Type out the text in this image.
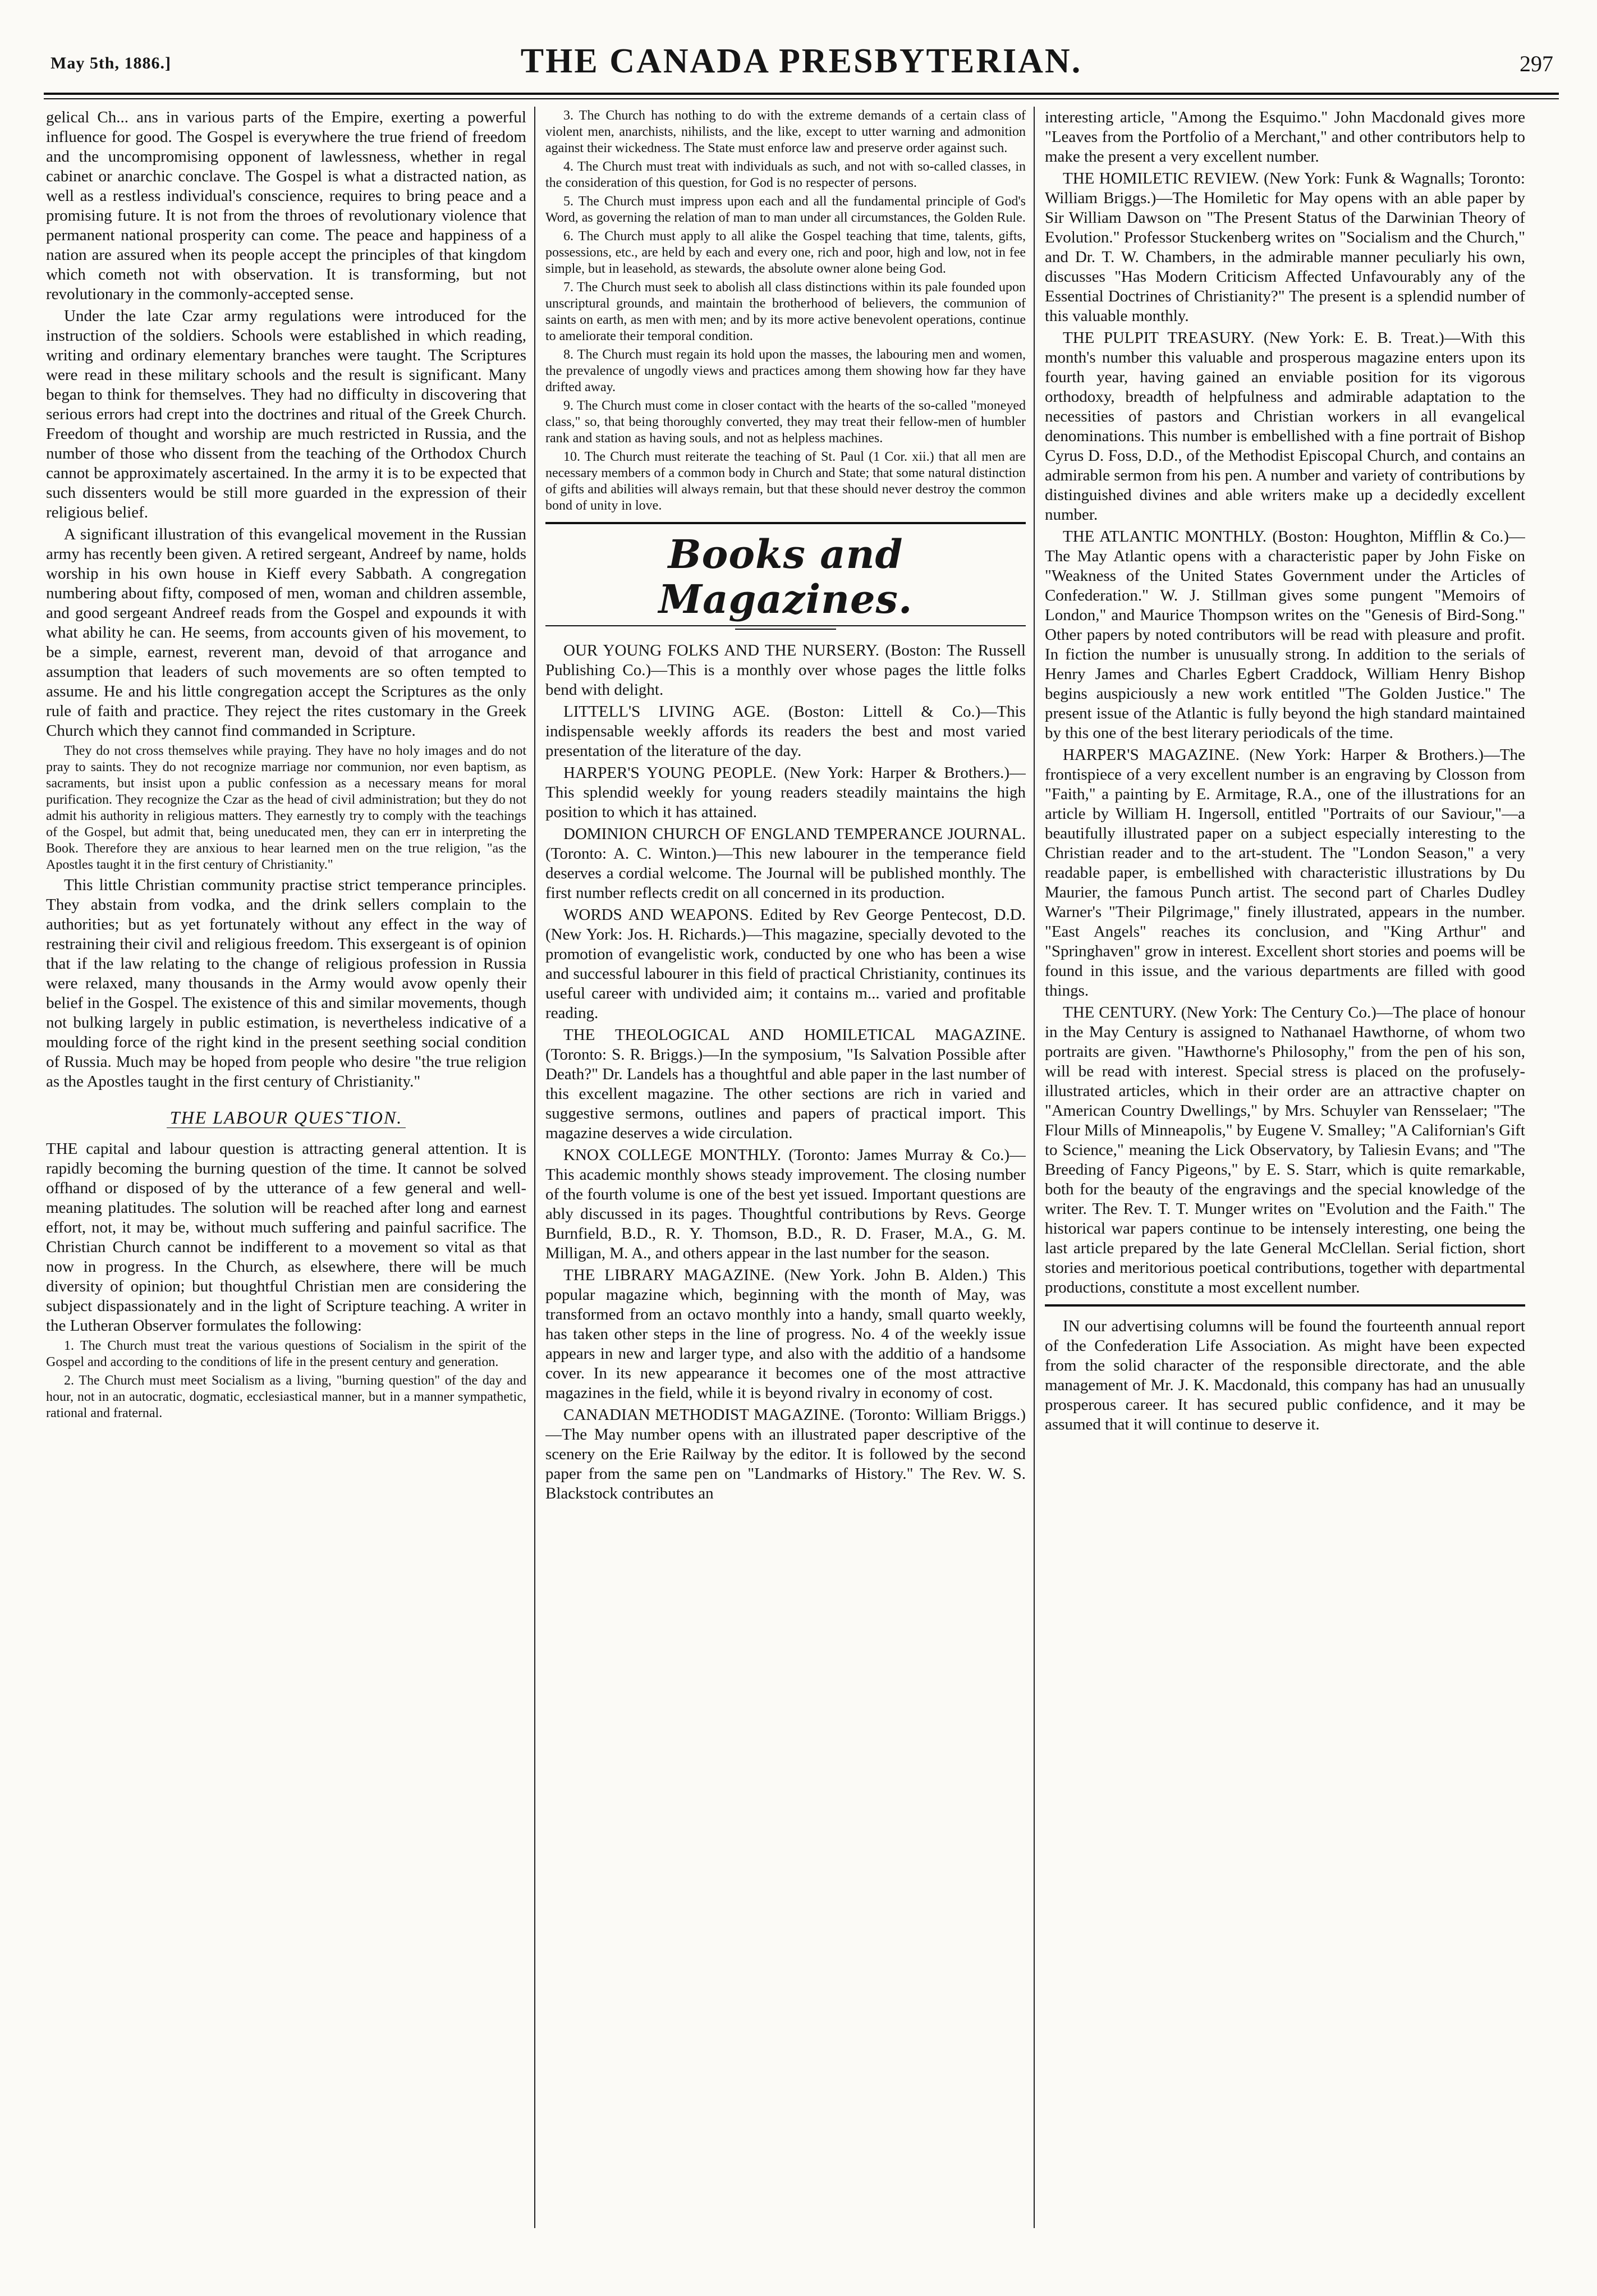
May 5th, 1886.]	THE CANADA PRESBYTERIAN.	297

gelical Ch... ans in various parts of the Empire, exerting a powerful influence for good. The Gospel is everywhere the true friend of freedom and the uncompromising opponent of lawlessness, whether in regal cabinet or anarchic conclave. The Gospel is what a distracted nation, as well as a restless individual's conscience, requires to bring peace and a promising future. It is not from the throes of revolutionary violence that permanent national prosperity can come. The peace and happiness of a nation are assured when its people accept the principles of that kingdom which cometh not with observation. It is transforming, but not revolutionary in the commonly-accepted sense.

Under the late Czar army regulations were introduced for the instruction of the soldiers. Schools were established in which reading, writing and ordinary elementary branches were taught. The Scriptures were read in these military schools and the result is significant. Many began to think for themselves. They had no difficulty in discovering that serious errors had crept into the doctrines and ritual of the Greek Church. Freedom of thought and worship are much restricted in Russia, and the number of those who dissent from the teaching of the Orthodox Church cannot be approximately ascertained. In the army it is to be expected that such dissenters would be still more guarded in the expression of their religious belief.

A significant illustration of this evangelical movement in the Russian army has recently been given. A retired sergeant, Andreef by name, holds worship in his own house in Kieff every Sabbath. A congregation numbering about fifty, composed of men, woman and children assemble, and good sergeant Andreef reads from the Gospel and expounds it with what ability he can. He seems, from accounts given of his movement, to be a simple, earnest, reverent man, devoid of that arrogance and assumption that leaders of such movements are so often tempted to assume. He and his little congregation accept the Scriptures as the only rule of faith and practice. They reject the rites customary in the Greek Church which they cannot find commanded in Scripture.

They do not cross themselves while praying. They have no holy images and do not pray to saints. They do not recognize marriage nor communion, nor even baptism, as sacraments, but insist upon a public confession as a necessary means for moral purification. They recognize the Czar as the head of civil administration; but they do not admit his authority in religious matters. They earnestly try to comply with the teachings of the Gospel, but admit that, being uneducated men, they can err in interpreting the Book. Therefore they are anxious to hear learned men on the true religion, "as the Apostles taught it in the first century of Christianity."

This little Christian community practise strict temperance principles. They abstain from vodka, and the drink sellers complain to the authorities; but as yet fortunately without any effect in the way of restraining their civil and religious freedom. This exsergeant is of opinion that if the law relating to the change of religious profession in Russia were relaxed, many thousands in the Army would avow openly their belief in the Gospel. The existence of this and similar movements, though not bulking largely in public estimation, is nevertheless indicative of a moulding force of the right kind in the present seething social condition of Russia. Much may be hoped from people who desire "the true religion as the Apostles taught in the first century of Christianity."

THE LABOUR QUES˜TION.

THE capital and labour question is attracting general attention. It is rapidly becoming the burning question of the time. It cannot be solved offhand or disposed of by the utterance of a few general and well-meaning platitudes. The solution will be reached after long and earnest effort, not, it may be, without much suffering and painful sacrifice. The Christian Church cannot be indifferent to a movement so vital as that now in progress. In the Church, as elsewhere, there will be much diversity of opinion; but thoughtful Christian men are considering the subject dispassionately and in the light of Scripture teaching. A writer in the Lutheran Observer formulates the following:

1. The Church must treat the various questions of Socialism in the spirit of the Gospel and according to the conditions of life in the present century and generation.

2. The Church must meet Socialism as a living, "burning question" of the day and hour, not in an autocratic, dogmatic, ecclesiastical manner, but in a manner sympathetic, rational and fraternal.

3. The Church has nothing to do with the extreme demands of a certain class of violent men, anarchists, nihilists, and the like, except to utter warning and admonition against their wickedness. The State must enforce law and preserve order against such.

4. The Church must treat with individuals as such, and not with so-called classes, in the consideration of this question, for God is no respecter of persons.

5. The Church must impress upon each and all the fundamental principle of God's Word, as governing the relation of man to man under all circumstances, the Golden Rule.

6. The Church must apply to all alike the Gospel teaching that time, talents, gifts, possessions, etc., are held by each and every one, rich and poor, high and low, not in fee simple, but in leasehold, as stewards, the absolute owner alone being God.

7. The Church must seek to abolish all class distinctions within its pale founded upon unscriptural grounds, and maintain the brotherhood of believers, the communion of saints on earth, as men with men; and by its more active benevolent operations, continue to ameliorate their temporal condition.

8. The Church must regain its hold upon the masses, the labouring men and women, the prevalence of ungodly views and practices among them showing how far they have drifted away.

9. The Church must come in closer contact with the hearts of the so-called "moneyed class," so, that being thoroughly converted, they may treat their fellow-men of humbler rank and station as having souls, and not as helpless machines.

10. The Church must reiterate the teaching of St. Paul (1 Cor. xii.) that all men are necessary members of a common body in Church and State; that some natural distinction of gifts and abilities will always remain, but that these should never destroy the common bond of unity in love.

Books and Magazines.

OUR YOUNG FOLKS AND THE NURSERY. (Boston: The Russell Publishing Co.)—This is a monthly over whose pages the little folks bend with delight.

LITTELL'S LIVING AGE. (Boston: Littell & Co.)—This indispensable weekly affords its readers the best and most varied presentation of the literature of the day.

HARPER'S YOUNG PEOPLE. (New York: Harper & Brothers.)—This splendid weekly for young readers steadily maintains the high position to which it has attained.

DOMINION CHURCH OF ENGLAND TEMPERANCE JOURNAL. (Toronto: A. C. Winton.)—This new labourer in the temperance field deserves a cordial welcome. The Journal will be published monthly. The first number reflects credit on all concerned in its production.

WORDS AND WEAPONS. Edited by Rev George Pentecost, D.D. (New York: Jos. H. Richards.)—This magazine, specially devoted to the promotion of evangelistic work, conducted by one who has been a wise and successful labourer in this field of practical Christianity, continues its useful career with undivided aim; it contains m... varied and profitable reading.

THE THEOLOGICAL AND HOMILETICAL MAGAZINE. (Toronto: S. R. Briggs.)—In the symposium, "Is Salvation Possible after Death?" Dr. Landels has a thoughtful and able paper in the last number of this excellent magazine. The other sections are rich in varied and suggestive sermons, outlines and papers of practical import. This magazine deserves a wide circulation.

KNOX COLLEGE MONTHLY. (Toronto: James Murray & Co.)—This academic monthly shows steady improvement. The closing number of the fourth volume is one of the best yet issued. Important questions are ably discussed in its pages. Thoughtful contributions by Revs. George Burnfield, B.D., R. Y. Thomson, B.D., R. D. Fraser, M.A., G. M. Milligan, M. A., and others appear in the last number for the season.

THE LIBRARY MAGAZINE. (New York. John B. Alden.) This popular magazine which, beginning with the month of May, was transformed from an octavo monthly into a handy, small quarto weekly, has taken other steps in the line of progress. No. 4 of the weekly issue appears in new and larger type, and also with the additio of a handsome cover. In its new appearance it becomes one of the most attractive magazines in the field, while it is beyond rivalry in economy of cost.

CANADIAN METHODIST MAGAZINE. (Toronto: William Briggs.)—The May number opens with an illustrated paper descriptive of the scenery on the Erie Railway by the editor. It is followed by the second paper from the same pen on "Landmarks of History." The Rev. W. S. Blackstock contributes an

interesting article, "Among the Esquimo." John Macdonald gives more "Leaves from the Portfolio of a Merchant," and other contributors help to make the present a very excellent number.

THE HOMILETIC REVIEW. (New York: Funk & Wagnalls; Toronto: William Briggs.)—The Homiletic for May opens with an able paper by Sir William Dawson on "The Present Status of the Darwinian Theory of Evolution." Professor Stuckenberg writes on "Socialism and the Church," and Dr. T. W. Chambers, in the admirable manner peculiarly his own, discusses "Has Modern Criticism Affected Unfavourably any of the Essential Doctrines of Christianity?" The present is a splendid number of this valuable monthly.

THE PULPIT TREASURY. (New York: E. B. Treat.)—With this month's number this valuable and prosperous magazine enters upon its fourth year, having gained an enviable position for its vigorous orthodoxy, breadth of helpfulness and admirable adaptation to the necessities of pastors and Christian workers in all evangelical denominations. This number is embellished with a fine portrait of Bishop Cyrus D. Foss, D.D., of the Methodist Episcopal Church, and contains an admirable sermon from his pen. A number and variety of contributions by distinguished divines and able writers make up a decidedly excellent number.

THE ATLANTIC MONTHLY. (Boston: Houghton, Mifflin & Co.)—The May Atlantic opens with a characteristic paper by John Fiske on "Weakness of the United States Government under the Articles of Confederation." W. J. Stillman gives some pungent "Memoirs of London," and Maurice Thompson writes on the "Genesis of Bird-Song." Other papers by noted contributors will be read with pleasure and profit. In fiction the number is unusually strong. In addition to the serials of Henry James and Charles Egbert Craddock, William Henry Bishop begins auspiciously a new work entitled "The Golden Justice." The present issue of the Atlantic is fully beyond the high standard maintained by this one of the best literary periodicals of the time.

HARPER'S MAGAZINE. (New York: Harper & Brothers.)—The frontispiece of a very excellent number is an engraving by Closson from "Faith," a painting by E. Armitage, R.A., one of the illustrations for an article by William H. Ingersoll, entitled "Portraits of our Saviour,"—a beautifully illustrated paper on a subject especially interesting to the Christian reader and to the art-student. The "London Season," a very readable paper, is embellished with characteristic illustrations by Du Maurier, the famous Punch artist. The second part of Charles Dudley Warner's "Their Pilgrimage," finely illustrated, appears in the number. "East Angels" reaches its conclusion, and "King Arthur" and "Springhaven" grow in interest. Excellent short stories and poems will be found in this issue, and the various departments are filled with good things.

THE CENTURY. (New York: The Century Co.)—The place of honour in the May Century is assigned to Nathanael Hawthorne, of whom two portraits are given. "Hawthorne's Philosophy," from the pen of his son, will be read with interest. Special stress is placed on the profusely-illustrated articles, which in their order are an attractive chapter on "American Country Dwellings," by Mrs. Schuyler van Rensselaer; "The Flour Mills of Minneapolis," by Eugene V. Smalley; "A Californian's Gift to Science," meaning the Lick Observatory, by Taliesin Evans; and "The Breeding of Fancy Pigeons," by E. S. Starr, which is quite remarkable, both for the beauty of the engravings and the special knowledge of the writer. The Rev. T. T. Munger writes on "Evolution and the Faith." The historical war papers continue to be intensely interesting, one being the last article prepared by the late General McClellan. Serial fiction, short stories and meritorious poetical contributions, together with departmental productions, constitute a most excellent number.

IN our advertising columns will be found the fourteenth annual report of the Confederation Life Association. As might have been expected from the solid character of the responsible directorate, and the able management of Mr. J. K. Macdonald, this company has had an unusually prosperous career. It has secured public confidence, and it may be assumed that it will continue to deserve it.
